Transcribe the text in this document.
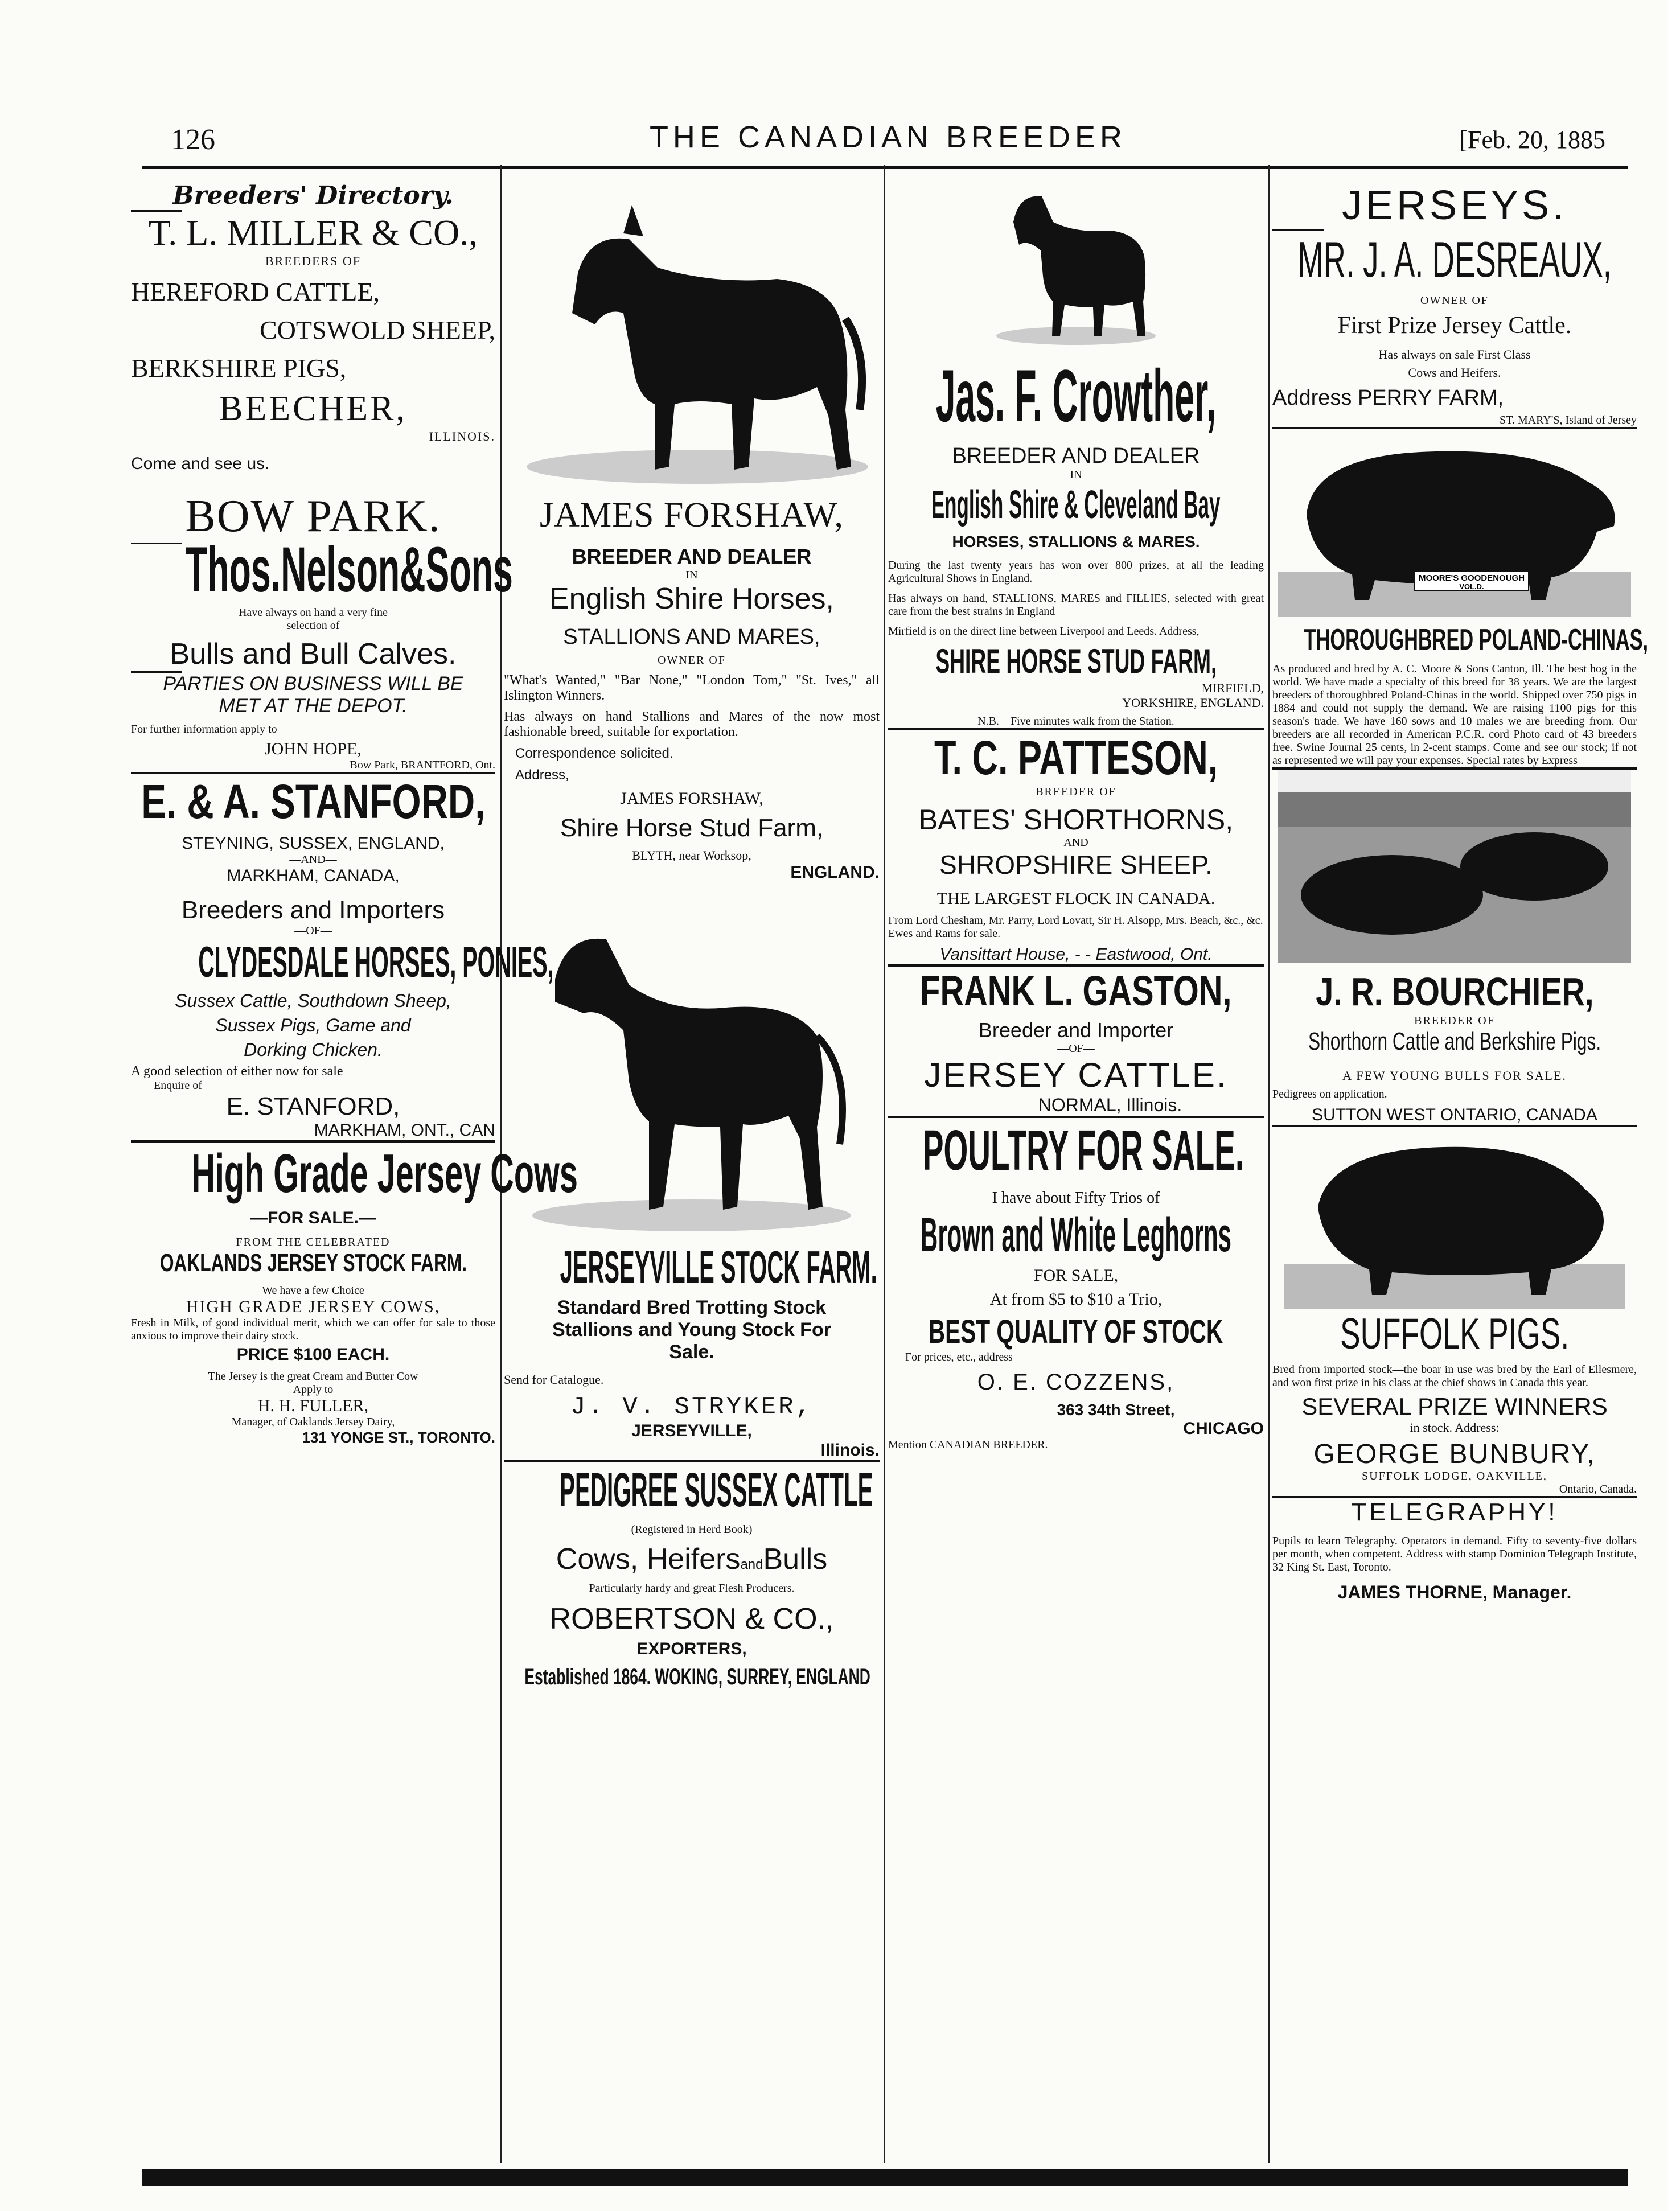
126	THE CANADIAN BREEDER	[Feb. 20, 1885
Breeders' Directory.
T. L. MILLER & CO.,
BREEDERS OF
HEREFORD CATTLE,
COTSWOLD SHEEP,
BERKSHIRE PIGS,
BEECHER,
ILLINOIS.
Come and see us.
BOW PARK.
Thos.Nelson&Sons
Have always on hand a very fine
selection of
Bulls and Bull Calves.
PARTIES ON BUSINESS WILL BE
MET AT THE DEPOT.
For further information apply to
JOHN HOPE,
Bow Park, BRANTFORD, Ont.
E. & A. STANFORD,
STEYNING, SUSSEX, ENGLAND,
—AND—
MARKHAM, CANADA,
Breeders and Importers
—OF—
CLYDESDALE HORSES, PONIES,
Sussex Cattle, Southdown Sheep,
Sussex Pigs, Game and
Dorking Chicken.
A good selection of either now for sale
Enquire of
E. STANFORD,
MARKHAM, ONT., CAN
High Grade Jersey Cows
—FOR SALE.—
FROM THE CELEBRATED
OAKLANDS JERSEY STOCK FARM.
We have a few Choice
HIGH GRADE JERSEY COWS,
Fresh in Milk, of good individual merit, which we can offer for sale to those anxious to improve their dairy stock.
PRICE $100 EACH.
The Jersey is the great Cream and Butter Cow
Apply to
H. H. FULLER,
Manager, of Oaklands Jersey Dairy,
131 YONGE ST., TORONTO.
JAMES FORSHAW,
BREEDER AND DEALER
—IN—
English Shire Horses,
STALLIONS AND MARES,
OWNER OF
"What's Wanted," "Bar None," "London Tom," "St. Ives," all Islington Winners.
Has always on hand Stallions and Mares of the now most fashionable breed, suitable for exportation.
Correspondence solicited.
Address,
JAMES FORSHAW,
Shire Horse Stud Farm,
BLYTH, near Worksop,
ENGLAND.
JERSEYVILLE STOCK FARM.
Standard Bred Trotting Stock Stallions and Young Stock For Sale.
Send for Catalogue.
J. V. STRYKER,
JERSEYVILLE,
Illinois.
PEDIGREE SUSSEX CATTLE
(Registered in Herd Book)
Cows, HeifersandBulls
Particularly hardy and great Flesh Producers.
ROBERTSON & CO.,
EXPORTERS,
Established 1864. WOKING, SURREY, ENGLAND
Jas. F. Crowther,
BREEDER AND DEALER
IN
English Shire & Cleveland Bay
HORSES, STALLIONS & MARES.
During the last twenty years has won over 800 prizes, at all the leading Agricultural Shows in England.
Has always on hand, STALLIONS, MARES and FILLIES, selected with great care from the best strains in England
Mirfield is on the direct line between Liverpool and Leeds. Address,
SHIRE HORSE STUD FARM,
MIRFIELD,
YORKSHIRE, ENGLAND.
N.B.—Five minutes walk from the Station.
T. C. PATTESON,
BREEDER OF
BATES' SHORTHORNS,
AND
SHROPSHIRE SHEEP.
THE LARGEST FLOCK IN CANADA.
From Lord Chesham, Mr. Parry, Lord Lovatt, Sir H. Alsopp, Mrs. Beach, &c., &c.
Ewes and Rams for sale.
Vansittart House, - - Eastwood, Ont.
FRANK L. GASTON,
Breeder and Importer
—OF—
JERSEY CATTLE.
NORMAL, Illinois.
POULTRY FOR SALE.
I have about Fifty Trios of
Brown and White Leghorns
FOR SALE,
At from $5 to $10 a Trio,
BEST QUALITY OF STOCK
For prices, etc., address
O. E. COZZENS,
363 34th Street,
CHICAGO
Mention CANADIAN BREEDER.
JERSEYS.
MR. J. A. DESREAUX,
OWNER OF
First Prize Jersey Cattle.
Has always on sale First Class
Cows and Heifers.
Address PERRY FARM,
ST. MARY'S, Island of Jersey
MOORE'S GOODENOUGH
VOL.D.
THOROUGHBRED POLAND-CHINAS,
As produced and bred by A. C. Moore & Sons Canton, Ill. The best hog in the world. We have made a specialty of this breed for 38 years. We are the largest breeders of thoroughbred Poland-Chinas in the world. Shipped over 750 pigs in 1884 and could not supply the demand. We are raising 1100 pigs for this season's trade. We have 160 sows and 10 males we are breeding from. Our breeders are all recorded in American P.C.R. cord Photo card of 43 breeders free. Swine Journal 25 cents, in 2-cent stamps. Come and see our stock; if not as represented we will pay your expenses. Special rates by Express
J. R. BOURCHIER,
BREEDER OF
Shorthorn Cattle and Berkshire Pigs.
A FEW YOUNG BULLS FOR SALE.
Pedigrees on application.
SUTTON WEST ONTARIO, CANADA
SUFFOLK PIGS.
Bred from imported stock—the boar in use was bred by the Earl of Ellesmere, and won first prize in his class at the chief shows in Canada this year.
SEVERAL PRIZE WINNERS
in stock. Address:
GEORGE BUNBURY,
SUFFOLK LODGE, OAKVILLE,
Ontario, Canada.
TELEGRAPHY!
Pupils to learn Telegraphy. Operators in demand. Fifty to seventy-five dollars per month, when competent. Address with stamp Dominion Telegraph Institute, 32 King St. East, Toronto.
JAMES THORNE, Manager.
